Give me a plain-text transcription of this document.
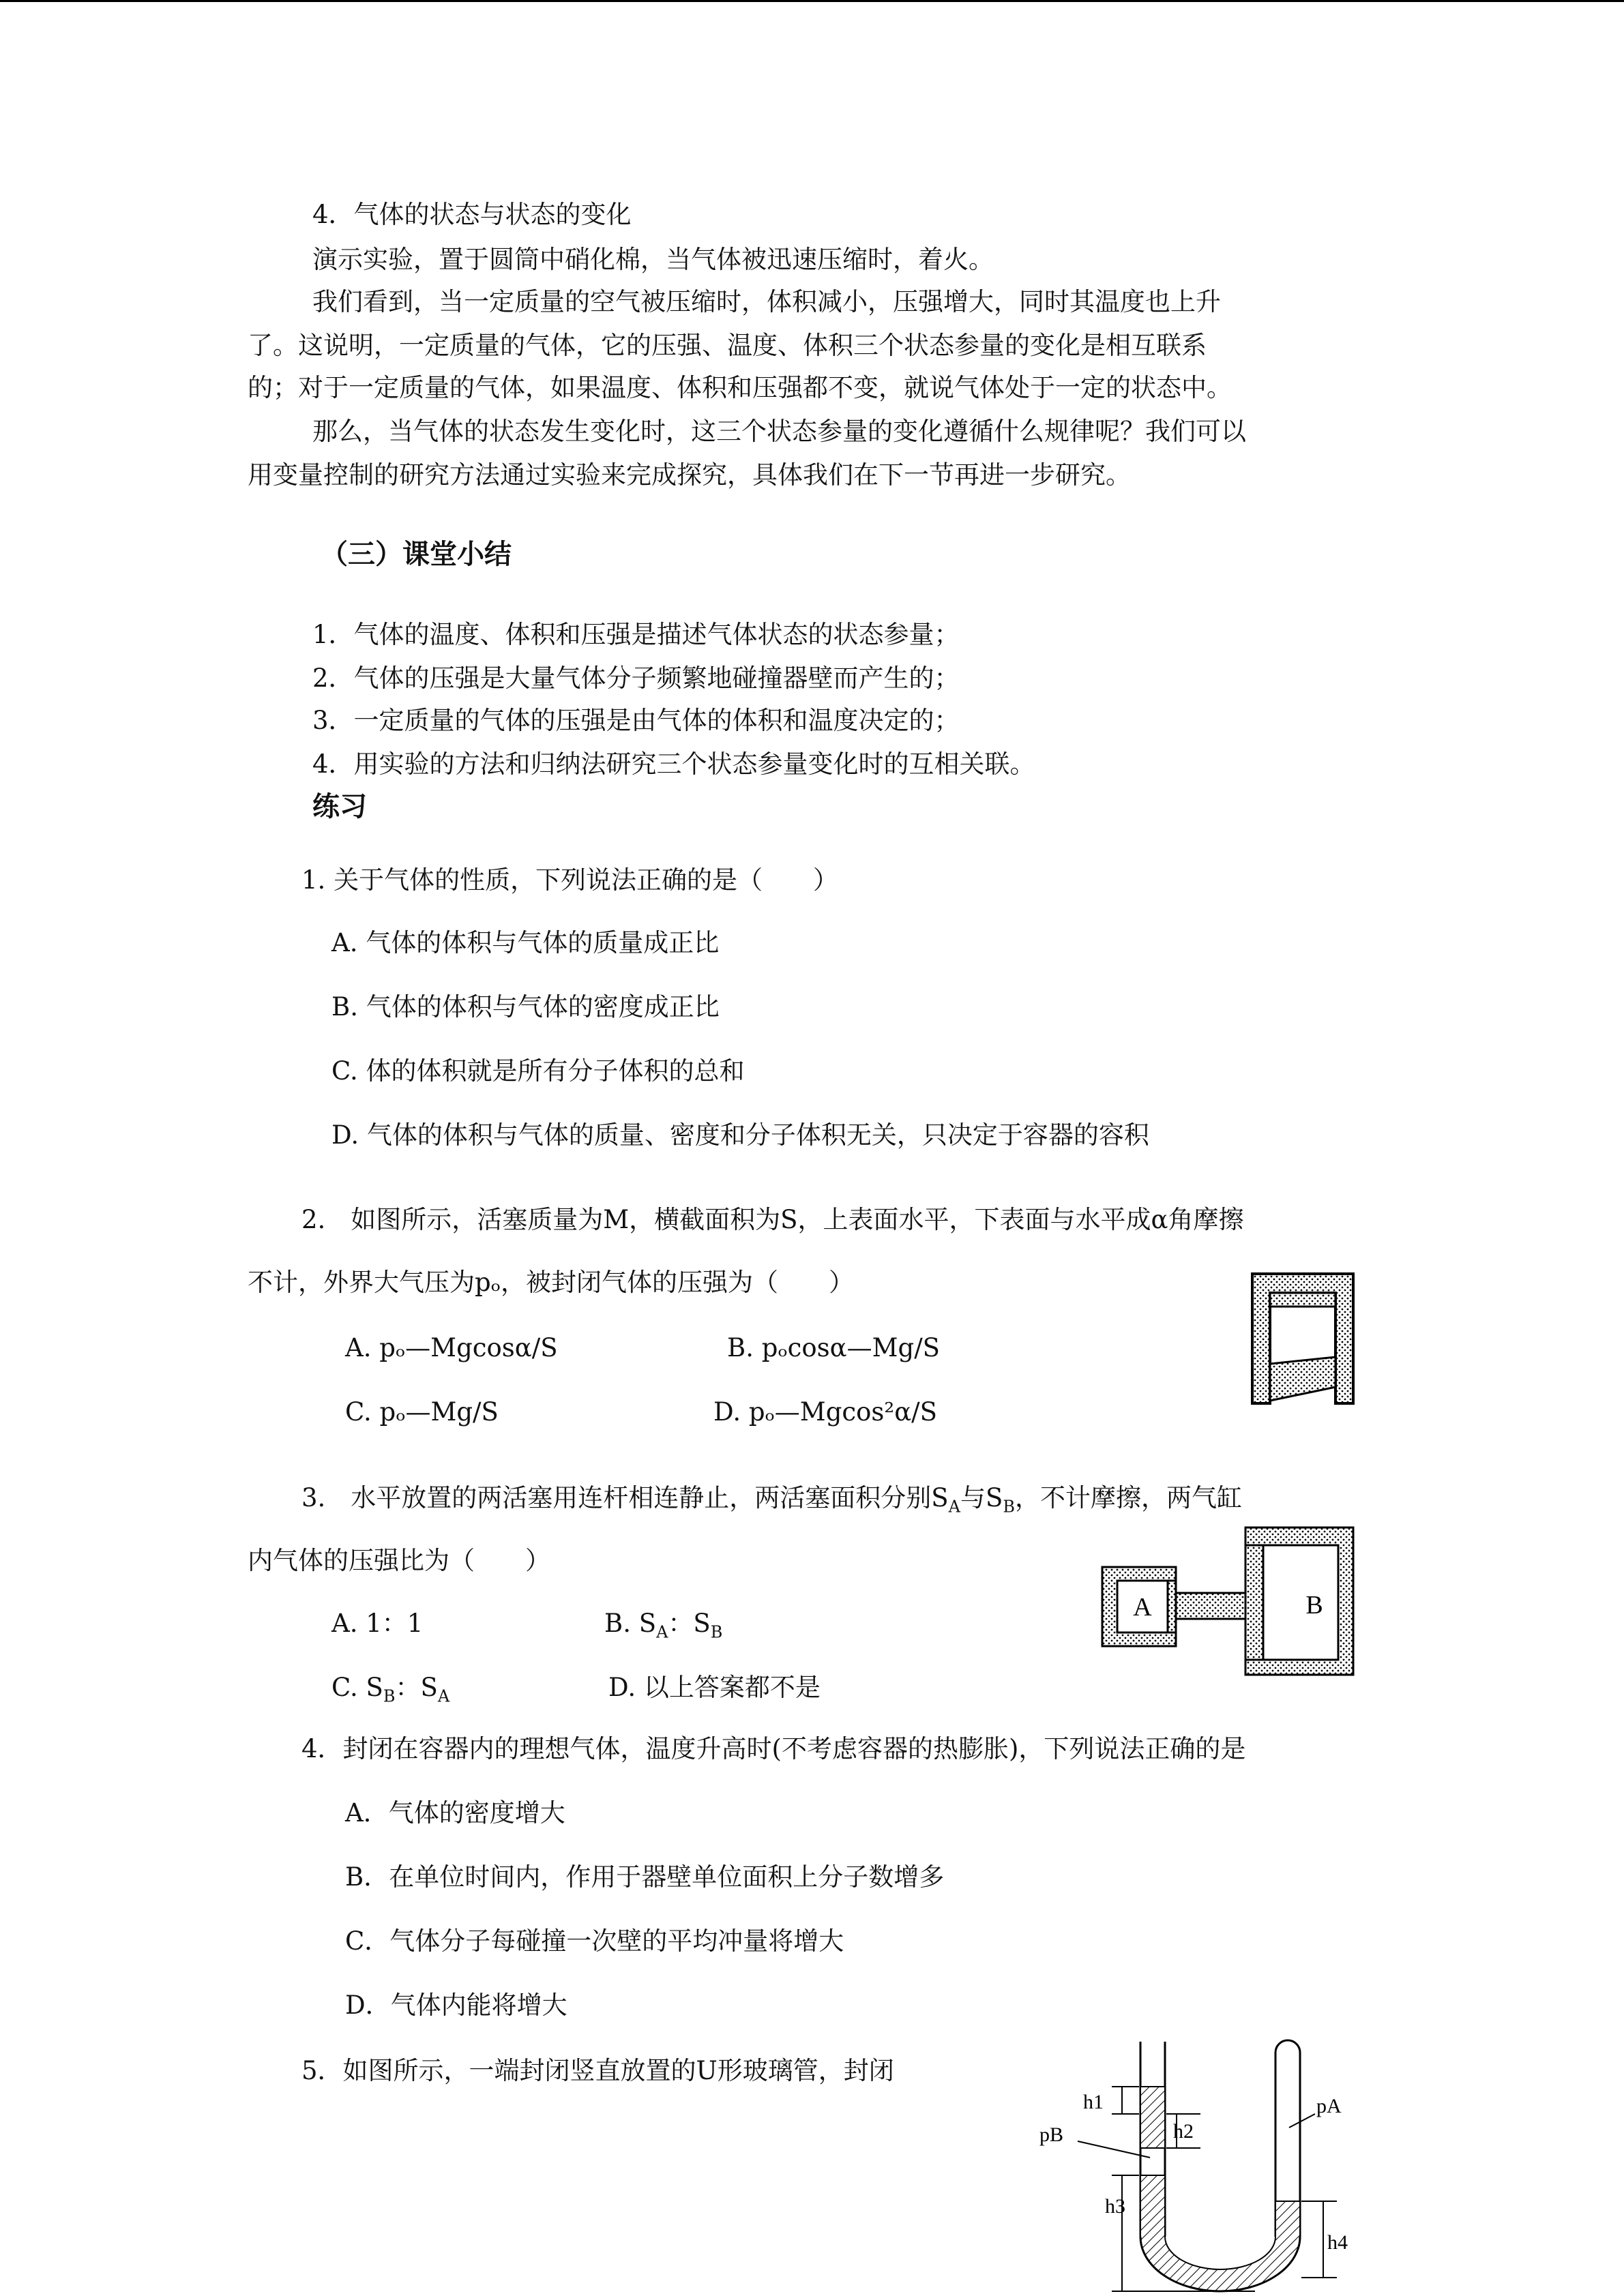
4．气体的状态与状态的变化
演示实验，置于圆筒中硝化棉，当气体被迅速压缩时，着火。
我们看到，当一定质量的空气被压缩时，体积减小，压强增大，同时其温度也上升
了。这说明，一定质量的气体，它的压强、温度、体积三个状态参量的变化是相互联系
的；对于一定质量的气体，如果温度、体积和压强都不变，就说气体处于一定的状态中。
那么，当气体的状态发生变化时，这三个状态参量的变化遵循什么规律呢？我们可以
用变量控制的研究方法通过实验来完成探究，具体我们在下一节再进一步研究。
（三）课堂小结
1．气体的温度、体积和压强是描述气体状态的状态参量；
2．气体的压强是大量气体分子频繁地碰撞器壁而产生的；
3．一定质量的气体的压强是由气体的体积和温度决定的；
4．用实验的方法和归纳法研究三个状态参量变化时的互相关联。
练习
1. 关于气体的性质，下列说法正确的是（　　）
A. 气体的体积与气体的质量成正比
B. 气体的体积与气体的密度成正比
C. 体的体积就是所有分子体积的总和
D. 气体的体积与气体的质量、密度和分子体积无关，只决定于容器的容积
2.　如图所示，活塞质量为M，横截面积为S，上表面水平，下表面与水平成α角摩擦
不计，外界大气压为pₒ，被封闭气体的压强为（　　）
A. pₒ—Mgcosα/S	B. pₒcosα—Mg/S
C. pₒ—Mg/S	D. pₒ—Mgcos²α/S
3.　水平放置的两活塞用连杆相连静止，两活塞面积分别$S_A$与$S_B$，不计摩擦，两气缸
内气体的压强比为（　　）
A. 1：1	B. $S_A$：$S_B$
C. $S_B$：$S_A$	D. 以上答案都不是
A	B
4．封闭在容器内的理想气体，温度升高时(不考虑容器的热膨胀)，下列说法正确的是
A．气体的密度增大
B．在单位时间内，作用于器壁单位面积上分子数增多
C．气体分子每碰撞一次壁的平均冲量将增大
D．气体内能将增大
5．如图所示，一端封闭竖直放置的U形玻璃管，封闭
h1
h2
h3
h4
pA
pB
